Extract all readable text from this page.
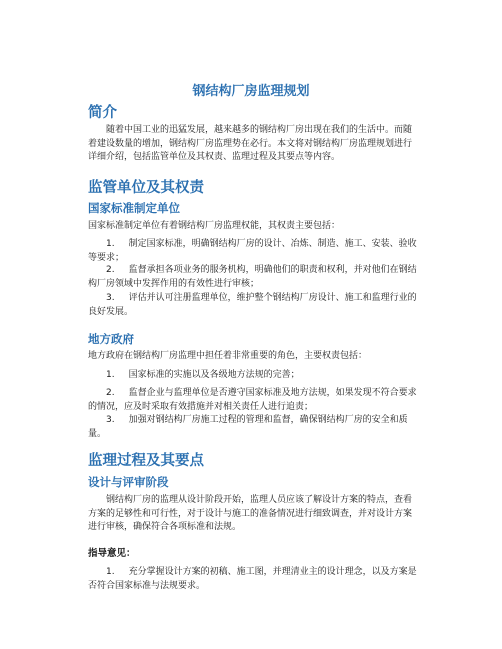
钢结构厂房监理规划
简介

随着中国工业的迅猛发展，越来越多的钢结构厂房出现在我们的生活中。而随着建设数量的增加，钢结构厂房监理势在必行。本文将对钢结构厂房监理规划进行详细介绍，包括监管单位及其权责、监理过程及其要点等内容。

监管单位及其权责
国家标准制定单位

国家标准制定单位有着钢结构厂房监理权能，其权责主要包括：

1. 制定国家标准，明确钢结构厂房的设计、冶炼、制造、施工、安装、验收等要求；

2. 监督承担各项业务的服务机构，明确他们的职责和权利，并对他们在钢结构厂房领域中发挥作用的有效性进行审核；

3. 评估并认可注册监理单位，维护整个钢结构厂房设计、施工和监理行业的良好发展。

地方政府

地方政府在钢结构厂房监理中担任着非常重要的角色，主要权责包括：

1. 国家标准的实施以及各级地方法规的完善；

2. 监督企业与监理单位是否遵守国家标准及地方法规，如果发现不符合要求的情况，应及时采取有效措施并对相关责任人进行追责；

3. 加强对钢结构厂房施工过程的管理和监督，确保钢结构厂房的安全和质量。

监理过程及其要点
设计与评审阶段

钢结构厂房的监理从设计阶段开始，监理人员应该了解设计方案的特点，查看方案的足够性和可行性，对于设计与施工的准备情况进行细致调查，并对设计方案进行审核，确保符合各项标准和法规。

指导意见：

1. 充分掌握设计方案的初稿、施工图，并理清业主的设计理念，以及方案是否符合国家标准与法规要求。
